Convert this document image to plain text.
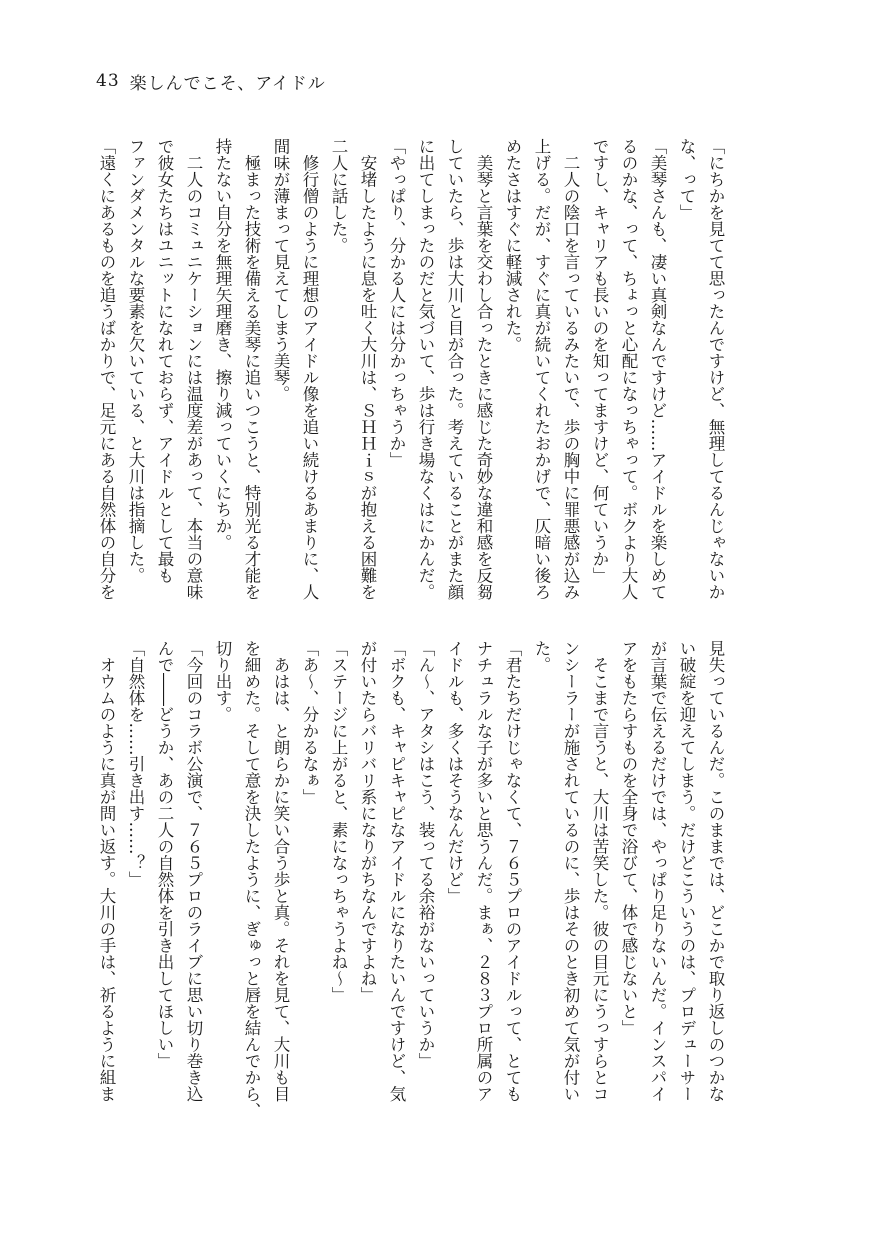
43 楽しんでこそ、アイドル
「にちかを見てて思ったんですけど、無理してるんじゃないか
な、って」
「美琴さんも、凄い真剣なんですけど……アイドルを楽しめて
るのかな、って、ちょっと心配になっちゃって。ボクより大人
ですし、キャリアも長いのを知ってますけど、何ていうか」
　二人の陰口を言っているみたいで、歩の胸中に罪悪感が込み
上げる。だが、すぐに真が続いてくれたおかげで、仄暗い後ろ
めたさはすぐに軽減された。
　美琴と言葉を交わし合ったときに感じた奇妙な違和感を反芻
していたら、歩は大川と目が合った。考えていることがまた顔
に出てしまったのだと気づいて、歩は行き場なくはにかんだ。
「やっぱり、分かる人には分かっちゃうか」
　安堵したように息を吐く大川は、ＳＨＨｉｓが抱える困難を
二人に話した。
　修行僧のように理想のアイドル像を追い続けるあまりに、人
間味が薄まって見えてしまう美琴。
　極まった技術を備える美琴に追いつこうと、特別光る才能を
持たない自分を無理矢理磨き、擦り減っていくにちか。
　二人のコミュニケーションには温度差があって、本当の意味
で彼女たちはユニットになれておらず、アイドルとして最も
ファンダメンタルな要素を欠いている、と大川は指摘した。
「遠くにあるものを追うばかりで、足元にある自然体の自分を
見失っているんだ。このままでは、どこかで取り返しのつかな
い破綻を迎えてしまう。だけどこういうのは、プロデューサー
が言葉で伝えるだけでは、やっぱり足りないんだ。インスパイ
アをもたらすものを全身で浴びて、体で感じないと」
　そこまで言うと、大川は苦笑した。彼の目元にうっすらとコ
ンシーラーが施されているのに、歩はそのとき初めて気が付い
た。
「君たちだけじゃなくて、７６５プロのアイドルって、とても
ナチュラルな子が多いと思うんだ。まぁ、２８３プロ所属のア
イドルも、多くはそうなんだけど」
「ん～、アタシはこう、装ってる余裕がないっていうか」
「ボクも、キャピキャピなアイドルになりたいんですけど、気
が付いたらバリバリ系になりがちなんですよね」
「ステージに上がると、素になっちゃうよね～」
「あ～、分かるなぁ」
　あはは、と朗らかに笑い合う歩と真。それを見て、大川も目
を細めた。そして意を決したように、ぎゅっと唇を結んでから、
切り出す。
「今回のコラボ公演で、７６５プロのライブに思い切り巻き込
んで――どうか、あの二人の自然体を引き出してほしい」
「自然体を……引き出す……？」
　オウムのように真が問い返す。大川の手は、祈るように組ま
